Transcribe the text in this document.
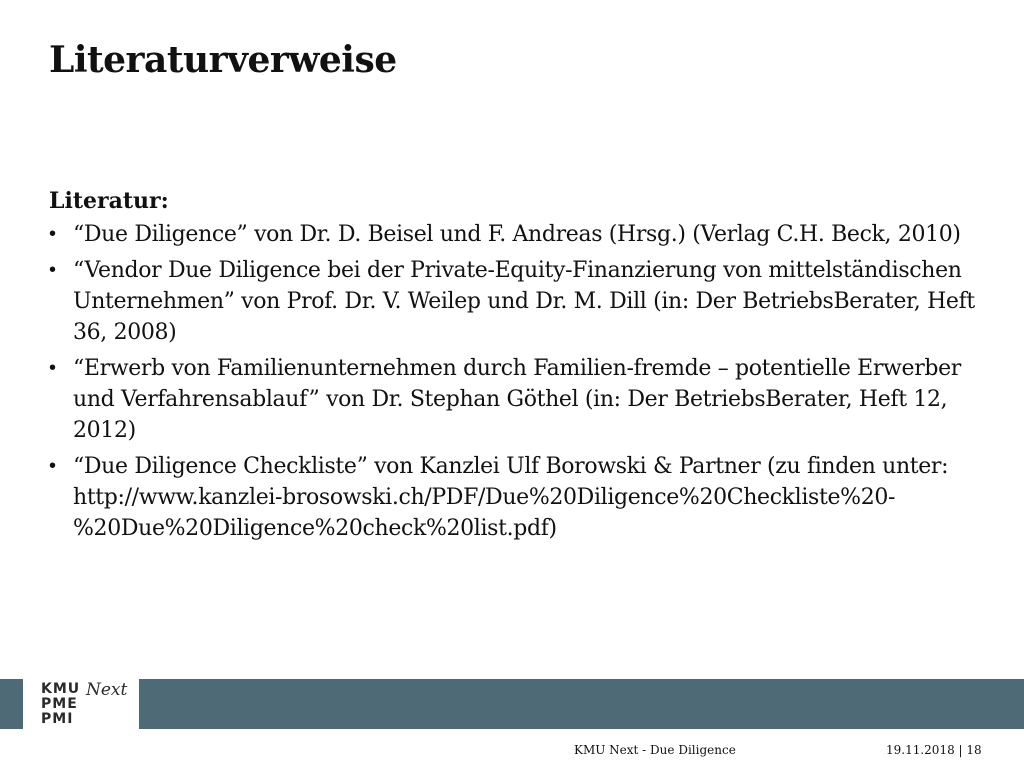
Literaturverweise
Literatur:
• “Due Diligence” von Dr. D. Beisel und F. Andreas (Hrsg.) (Verlag C.H. Beck, 2010)
• “Vendor Due Diligence bei der Private-Equity-Finanzierung von mittelständischen Unternehmen” von Prof. Dr. V. Weilep und Dr. M. Dill (in: Der BetriebsBerater, Heft 36, 2008)
• “Erwerb von Familienunternehmen durch Familien-fremde – potentielle Erwerber und Verfahrensablauf” von Dr. Stephan Göthel (in: Der BetriebsBerater, Heft 12, 2012)
• “Due Diligence Checkliste” von Kanzlei Ulf Borowski & Partner (zu finden unter: http://www.kanzlei-brosowski.ch/PDF/Due%20Diligence%20Checkliste%20-%20Due%20Diligence%20check%20list.pdf)
KMU
PME
PMI
Next
KMU Next - Due Diligence	19.11.2018 | 18
